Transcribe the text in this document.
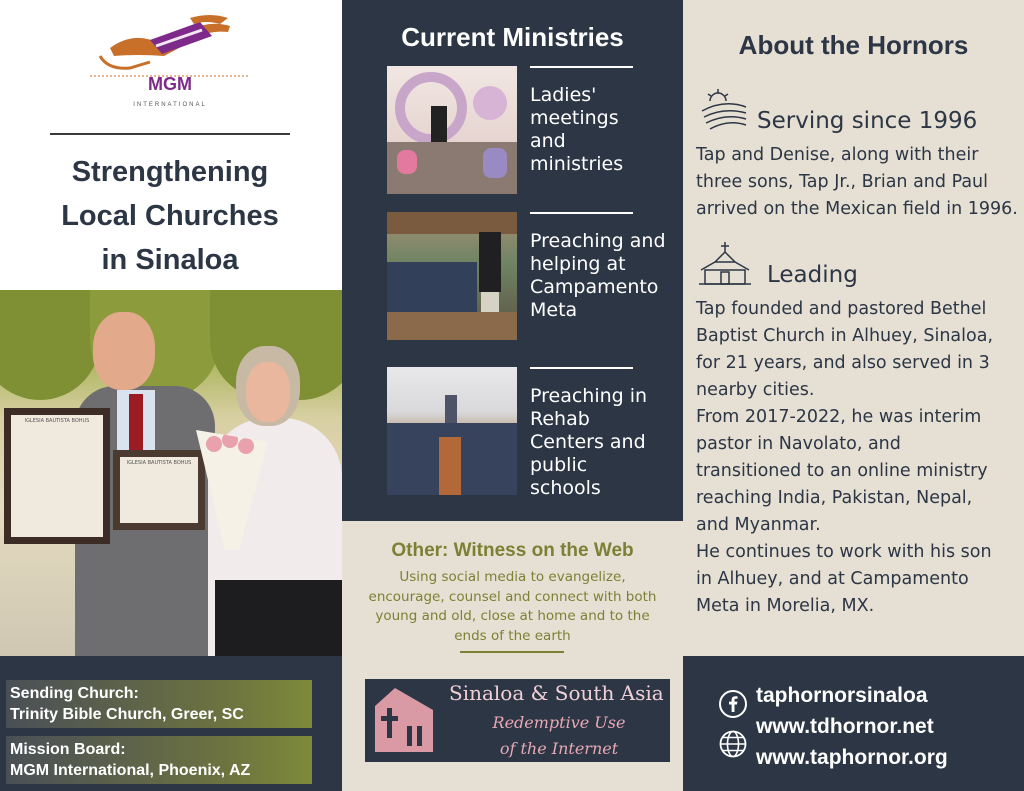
MGM
INTERNATIONAL
Strengthening
Local Churches
in Sinaloa
IGLESIA BAUTISTA BOHUS
IGLESIA BAUTISTA BOHUS
Sending Church:
Trinity Bible Church, Greer, SC
Mission Board:
MGM International, Phoenix, AZ
Current Ministries
Ladies'
meetings
and
ministries
Preaching and
helping at
Campamento
Meta
Preaching in
Rehab
Centers and
public
schools
Other: Witness on the Web
Using social media to evangelize,
encourage, counsel and connect with both
young and old, close at home and to the
ends of the earth
Sinaloa & South Asia
Redemptive Use
of the Internet
About the Hornors
Serving since 1996
Tap and Denise, along with their
three sons, Tap Jr., Brian and Paul
arrived on the Mexican field in 1996.
Leading
Tap founded and pastored Bethel
Baptist Church in Alhuey, Sinaloa,
for 21 years, and also served in 3
nearby cities.
From 2017-2022, he was interim
pastor in Navolato, and
transitioned to an online ministry
reaching India, Pakistan, Nepal,
and Myanmar.
He continues to work with his son
in Alhuey, and at Campamento
Meta in Morelia, MX.
taphornorsinaloa
www.tdhornor.net
www.taphornor.org
